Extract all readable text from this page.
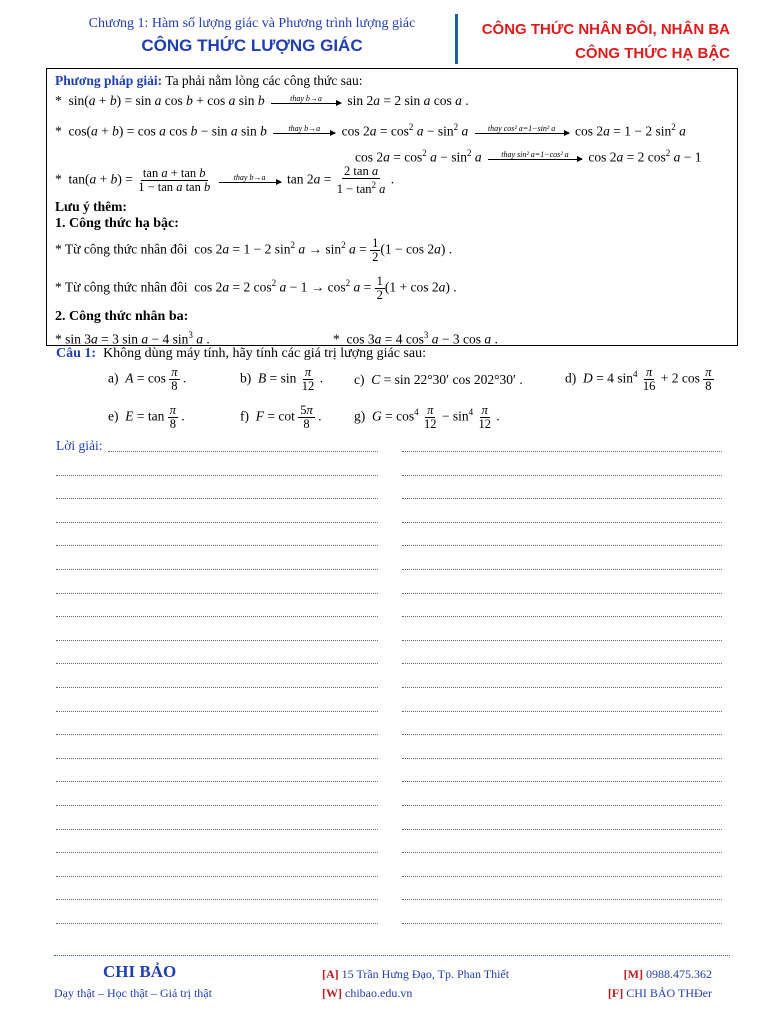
Chương 1: Hàm số lượng giác và Phương trình lượng giác
CÔNG THỨC LƯỢNG GIÁC
CÔNG THỨC NHÂN ĐÔI, NHÂN BA
CÔNG THỨC HẠ BẬC
Phương pháp giải: Ta phải nằm lòng các công thức sau:
*  sin(a + b) = sin a cos b + cos a sin b	thay b→a	sin 2a = 2 sin a cos a .
*  cos(a + b) = cos a cos b − sin a sin b	thay b→a	$\cos 2a = \cos^2 a - \sin^2 a$	thay cos² a=1−sin² a	cos 2a = 1 − 2 $\sin^2 a$
$\cos 2a = \cos^2 a - \sin^2 a$	thay sin² a=1−cos² a	cos 2a = 2 $\cos^2 a - 1$
*  $\tan(a + b) = \frac{\text{tan a + tan b}}{\text{1 − tan a tan b}}$
	thay b→a	$\tan 2a = \frac{\text{2 tan a}}{1 - \tan^2 a}$ .
Lưu ý thêm:
1. Công thức hạ bậc:
* Từ công thức nhân đôi  cos 2a = 1 − 2 $\sin^2 a \to \sin^2 a = \frac{1}{2} (1 - \cos 2a)$ .
* Từ công thức nhân đôi  cos 2a = 2 $\cos^2 a - 1 \to \cos^2 a = \frac{1}{2} (1 + \cos 2a)$ .
2. Công thức nhân ba:
* sin 3a = 3 sin a − 4 $\sin^3 a$ .	*  cos 3a = 4 $\cos^3 a - 3$ cos a .
Câu 1: Không dùng máy tính, hãy tính các giá trị lượng giác sau:
a) $A = \cos \frac{\pi}{8}$ .	b) $B = \sin \frac{\pi}{12}$ . c) C = sin 22°30′ cos 202°30′ .	d) D = 4 $\sin^4 \frac{\pi}{16} + 2$ $\cos \frac{\pi}{8}$
e) $E = \tan \frac{\pi}{8}$ .	f) $F = \cot \frac{5\pi}{8}$ . g) $G = \cos^4 \frac{\pi}{12} - \sin^4 \frac{\pi}{12}$ .
Lời giải:
CHI BẢO
Dạy thật – Học thật – Giá trị thật
[A] 15 Trần Hưng Đạo, Tp. Phan Thiết
[W] chibao.edu.vn
[M] 0988.475.362
[F] CHI BẢO THĐer
